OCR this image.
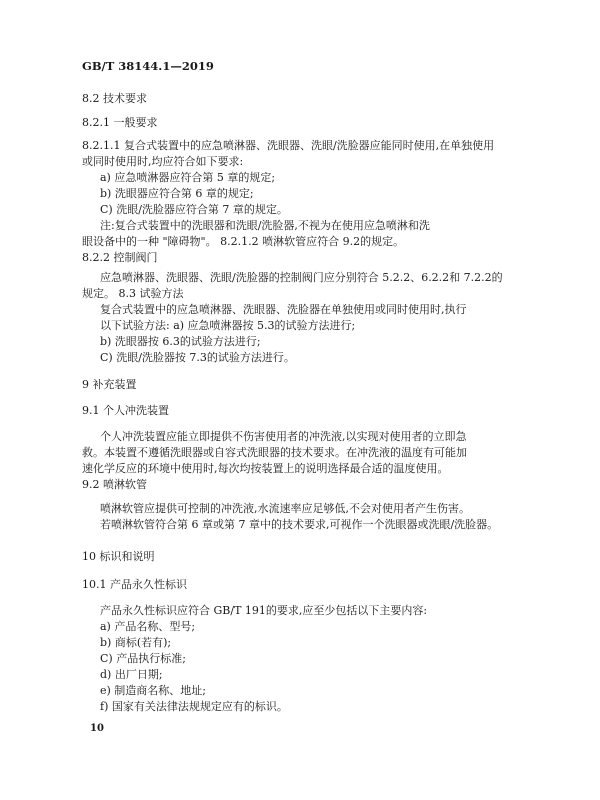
GB/T 38144.1—2019
8.2 技术要求
8.2.1 一般要求
8.2.1.1 复合式装置中的应急喷淋器、洗眼器、洗眼/洗脸器应能同时使用,在单独使用
或同时使用时,均应符合如下要求:
a) 应急喷淋器应符合第 5 章的规定;
b) 洗眼器应符合第 6 章的规定;
C) 洗眼/洗脸器应符合第 7 章的规定。
注:复合式装置中的洗眼器和洗眼/洗脸器,不视为在使用应急喷淋和洗
眼设备中的一种 "障碍物"。 8.2.1.2 喷淋软管应符合 9.2的规定。
8.2.2 控制阀门
应急喷淋器、洗眼器、洗眼/洗脸器的控制阀门应分别符合 5.2.2、6.2.2和 7.2.2的
规定。 8.3 试验方法
复合式装置中的应急喷淋器、洗眼器、洗脸器在单独使用或同时使用时,执行
以下试验方法: a) 应急喷淋器按 5.3的试验方法进行;
b) 洗眼器按 6.3的试验方法进行;
C) 洗眼/洗脸器按 7.3的试验方法进行。
9 补充装置
9.1 个人冲洗装置
个人冲洗装置应能立即提供不伤害使用者的冲洗液,以实现对使用者的立即急
救。本装置不遵循洗眼器或自容式洗眼器的技术要求。在冲洗液的温度有可能加
速化学反应的环境中使用时,每次均按装置上的说明选择最合适的温度使用。
9.2 喷淋软管
喷淋软管应提供可控制的冲洗液,水流速率应足够低,不会对使用者产生伤害。
若喷淋软管符合第 6 章或第 7 章中的技术要求,可视作一个洗眼器或洗眼/洗脸器。
10 标识和说明
10.1 产品永久性标识
产品永久性标识应符合 GB/T 191的要求,应至少包括以下主要内容:
a) 产品名称、型号;
b) 商标(若有);
C) 产品执行标准;
d) 出厂日期;
e) 制造商名称、地址;
f) 国家有关法律法规规定应有的标识。
10
